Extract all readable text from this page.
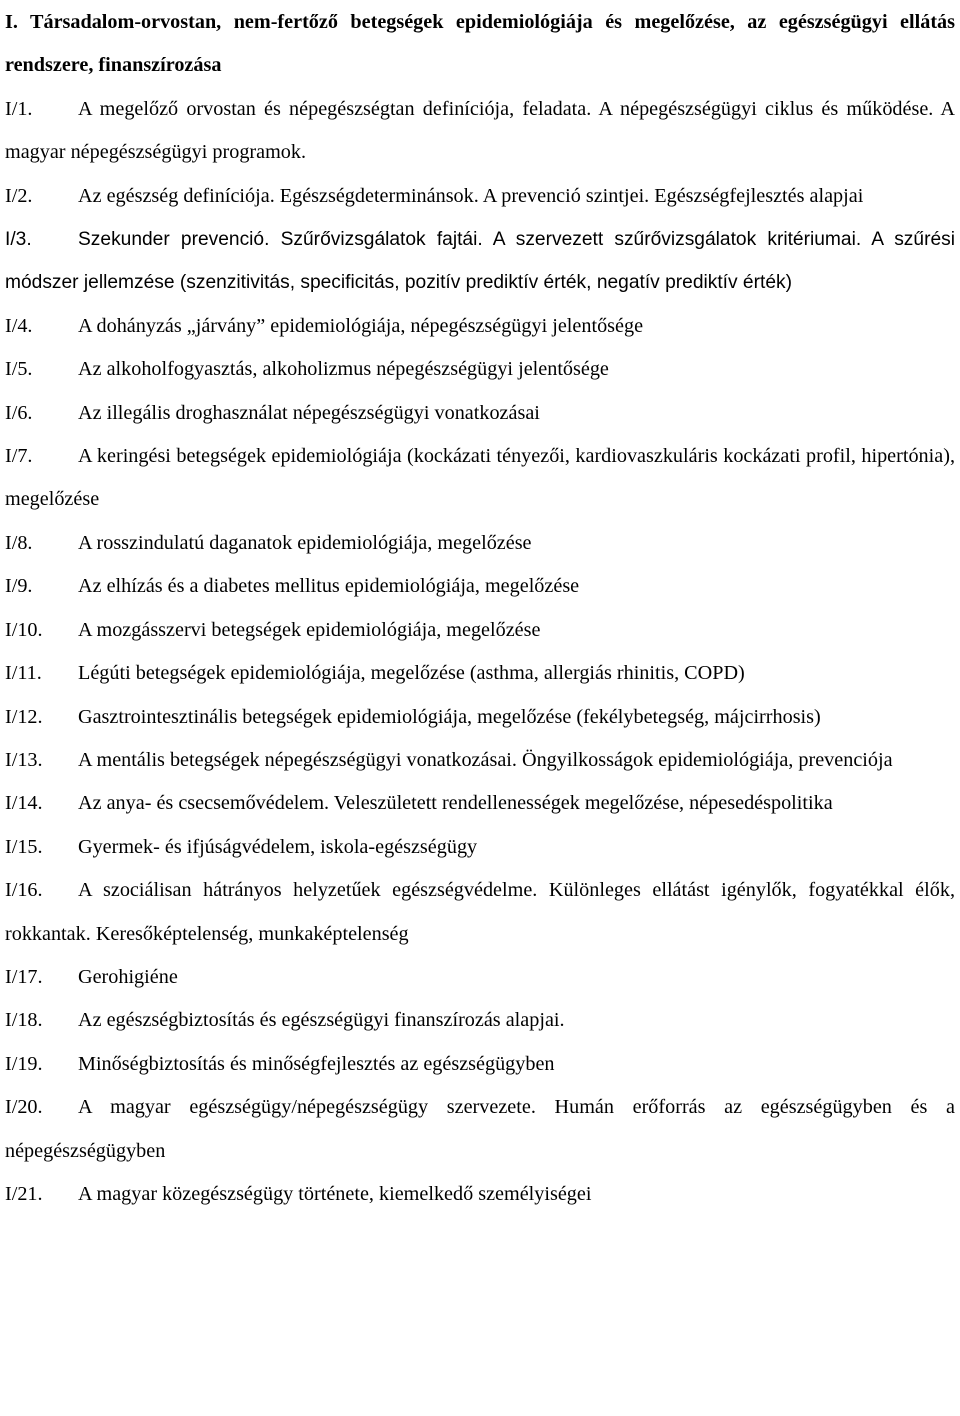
I. Társadalom-orvostan, nem-fertőző betegségek epidemiológiája és megelőzése, az egészségügyi ellátás rendszere, finanszírozása
I/1. A megelőző orvostan és népegészségtan definíciója, feladata. A népegészségügyi ciklus és működése. A magyar népegészségügyi programok.
I/2. Az egészség definíciója. Egészségdeterminánsok. A prevenció szintjei. Egészségfejlesztés alapjai
I/3. Szekunder prevenció. Szűrővizsgálatok fajtái. A szervezett szűrővizsgálatok kritériumai. A szűrési módszer jellemzése (szenzitivitás, specificitás, pozitív prediktív érték, negatív prediktív érték)
I/4. A dohányzás „járvány” epidemiológiája, népegészségügyi jelentősége
I/5. Az alkoholfogyasztás, alkoholizmus népegészségügyi jelentősége
I/6. Az illegális droghasználat népegészségügyi vonatkozásai
I/7. A keringési betegségek epidemiológiája (kockázati tényezői, kardiovaszkuláris kockázati profil, hipertónia), megelőzése
I/8. A rosszindulatú daganatok epidemiológiája, megelőzése
I/9. Az elhízás és a diabetes mellitus epidemiológiája, megelőzése
I/10. A mozgásszervi betegségek epidemiológiája, megelőzése
I/11. Légúti betegségek epidemiológiája, megelőzése (asthma, allergiás rhinitis, COPD)
I/12. Gasztrointesztinális betegségek epidemiológiája, megelőzése (fekélybetegség, májcirrhosis)
I/13. A mentális betegségek népegészségügyi vonatkozásai. Öngyilkosságok epidemiológiája, prevenciója
I/14. Az anya- és csecsemővédelem. Veleszületett rendellenességek megelőzése, népesedéspolitika
I/15. Gyermek- és ifjúságvédelem, iskola-egészségügy
I/16. A szociálisan hátrányos helyzetűek egészségvédelme. Különleges ellátást igénylők, fogyatékkal élők, rokkantak. Keresőképtelenség, munkaképtelenség
I/17. Gerohigiéne
I/18. Az egészségbiztosítás és egészségügyi finanszírozás alapjai.
I/19. Minőségbiztosítás és minőségfejlesztés az egészségügyben
I/20. A magyar egészségügy/népegészségügy szervezete. Humán erőforrás az egészségügyben és a népegészségügyben
I/21. A magyar közegészségügy története, kiemelkedő személyiségei
